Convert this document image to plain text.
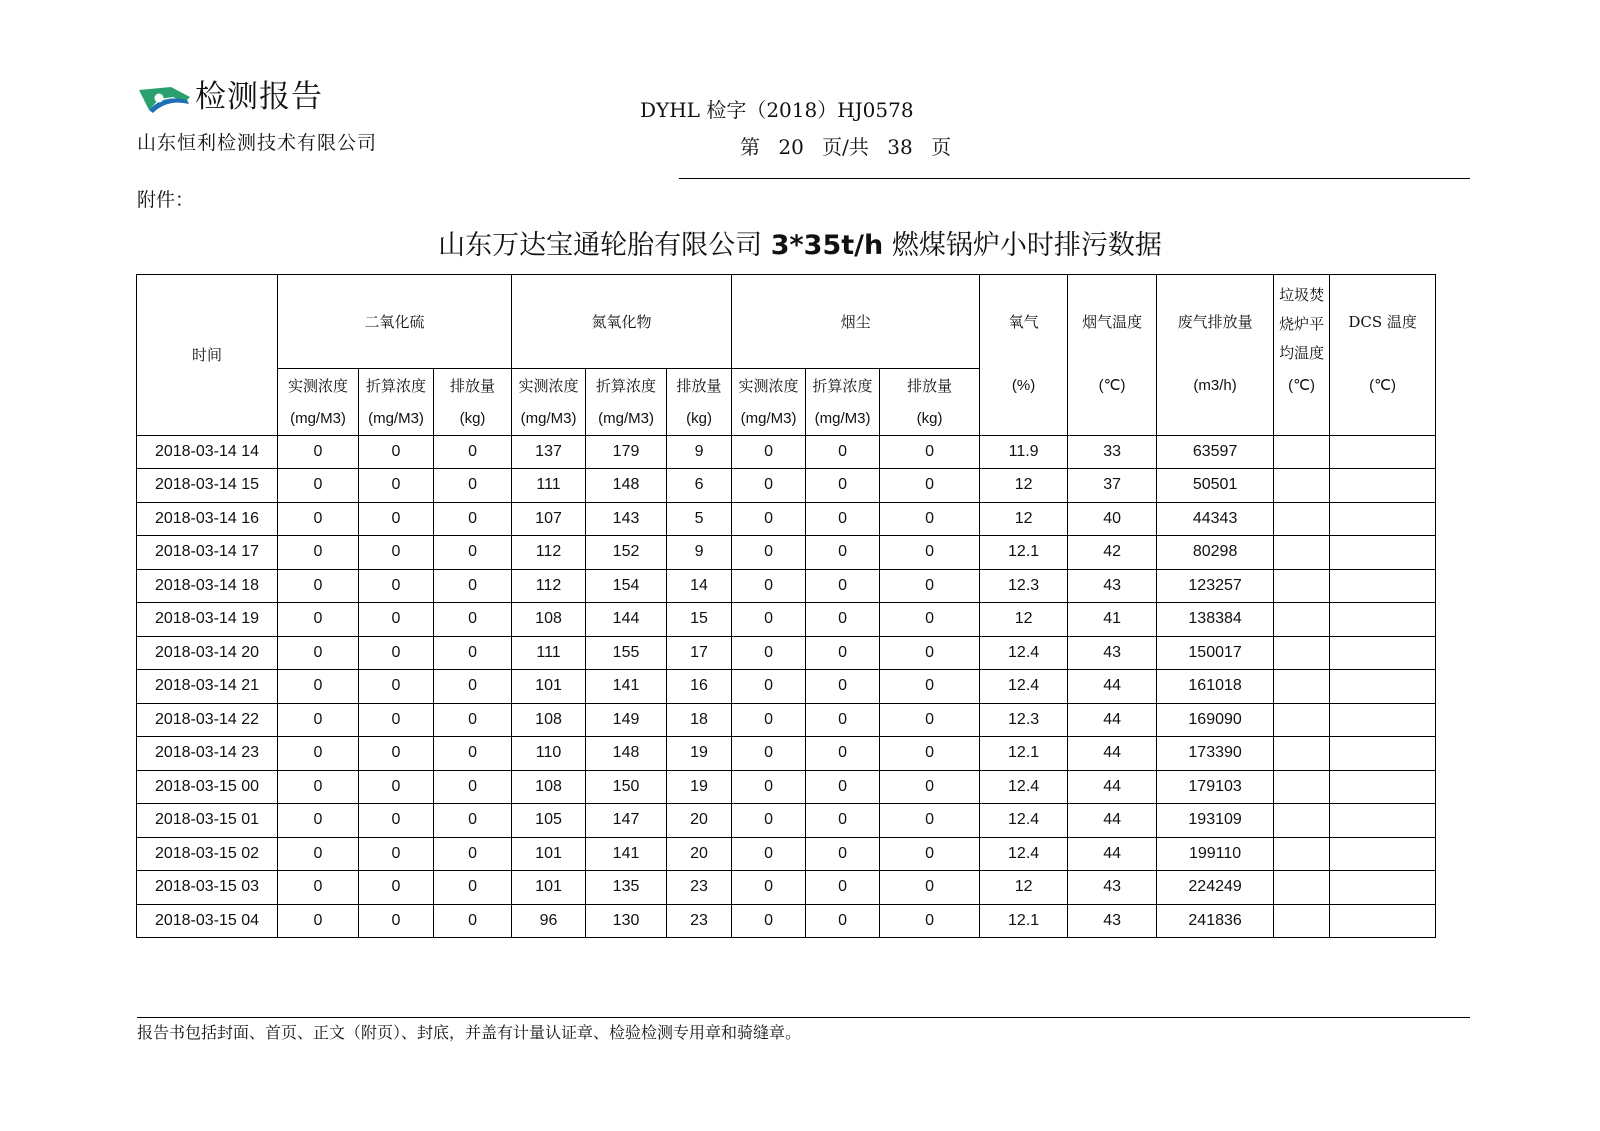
检测报告
山东恒利检测技术有限公司
DYHL 检字（2018）HJ0578
第 20 页/共 38 页
附件：
山东万达宝通轮胎有限公司 3*35t/h 燃煤锅炉小时排污数据
时间	二氧化硫			氮氧化物			烟尘			氧气	烟气温度	废气排放量	垃圾焚烧炉平均温度	DCS 温度
	实测浓度	折算浓度	排放量	实测浓度	折算浓度	排放量	实测浓度	折算浓度	排放量	(%)	(℃)	(m3/h)	(℃)	(℃)
	(mg/M3)	(mg/M3)	(kg)	(mg/M3)	(mg/M3)	(kg)	(mg/M3)	(mg/M3)	(kg)					
2018-03-14 14	0	0	0	137	179	9	0	0	0	11.9	33	63597		
2018-03-14 15	0	0	0	111	148	6	0	0	0	12	37	50501		
2018-03-14 16	0	0	0	107	143	5	0	0	0	12	40	44343		
2018-03-14 17	0	0	0	112	152	9	0	0	0	12.1	42	80298		
2018-03-14 18	0	0	0	112	154	14	0	0	0	12.3	43	123257		
2018-03-14 19	0	0	0	108	144	15	0	0	0	12	41	138384		
2018-03-14 20	0	0	0	111	155	17	0	0	0	12.4	43	150017		
2018-03-14 21	0	0	0	101	141	16	0	0	0	12.4	44	161018		
2018-03-14 22	0	0	0	108	149	18	0	0	0	12.3	44	169090		
2018-03-14 23	0	0	0	110	148	19	0	0	0	12.1	44	173390		
2018-03-15 00	0	0	0	108	150	19	0	0	0	12.4	44	179103		
2018-03-15 01	0	0	0	105	147	20	0	0	0	12.4	44	193109		
2018-03-15 02	0	0	0	101	141	20	0	0	0	12.4	44	199110		
2018-03-15 03	0	0	0	101	135	23	0	0	0	12	43	224249		
2018-03-15 04	0	0	0	96	130	23	0	0	0	12.1	43	241836		
报告书包括封面、首页、正文（附页）、封底，并盖有计量认证章、检验检测专用章和骑缝章。
